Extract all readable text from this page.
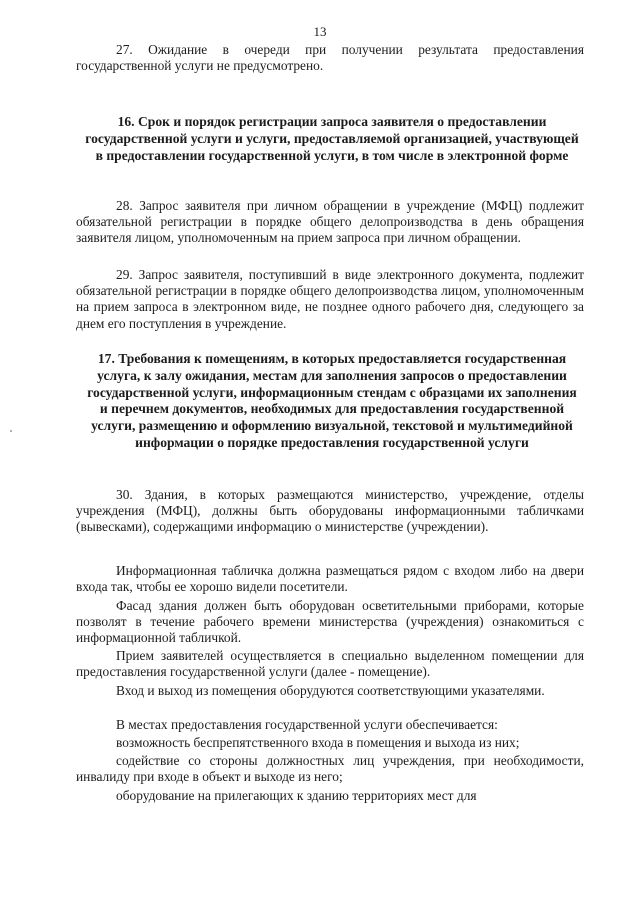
13

27. Ожидание в очереди при получении результата предоставления государственной услуги не предусмотрено.

16. Срок и порядок регистрации запроса заявителя о предоставлении государственной услуги и услуги, предоставляемой организацией, участвующей в предоставлении государственной услуги, в том числе в электронной форме

28. Запрос заявителя при личном обращении в учреждение (МФЦ) подлежит обязательной регистрации в порядке общего делопроизводства в день обращения заявителя лицом, уполномоченным на прием запроса при личном обращении.

29. Запрос заявителя, поступивший в виде электронного документа, подлежит обязательной регистрации в порядке общего делопроизводства лицом, уполномоченным на прием запроса в электронном виде, не позднее одного рабочего дня, следующего за днем его поступления в учреждение.

17. Требования к помещениям, в которых предоставляется государственная услуга, к залу ожидания, местам для заполнения запросов о предоставлении государственной услуги, информационным стендам с образцами их заполнения и перечнем документов, необходимых для предоставления государственной услуги, размещению и оформлению визуальной, текстовой и мультимедийной информации о порядке предоставления государственной услуги

30. Здания, в которых размещаются министерство, учреждение, отделы учреждения (МФЦ), должны быть оборудованы информационными табличками (вывесками), содержащими информацию о министерстве (учреждении).

Информационная табличка должна размещаться рядом с входом либо на двери входа так, чтобы ее хорошо видели посетители.

Фасад здания должен быть оборудован осветительными приборами, которые позволят в течение рабочего времени министерства (учреждения) ознакомиться с информационной табличкой.

Прием заявителей осуществляется в специально выделенном помещении для предоставления государственной услуги (далее - помещение).

Вход и выход из помещения оборудуются соответствующими указателями.

В местах предоставления государственной услуги обеспечивается:

возможность беспрепятственного входа в помещения и выхода из них;

содействие со стороны должностных лиц учреждения, при необходимости, инвалиду при входе в объект и выходе из него;

оборудование на прилегающих к зданию территориях мест для
